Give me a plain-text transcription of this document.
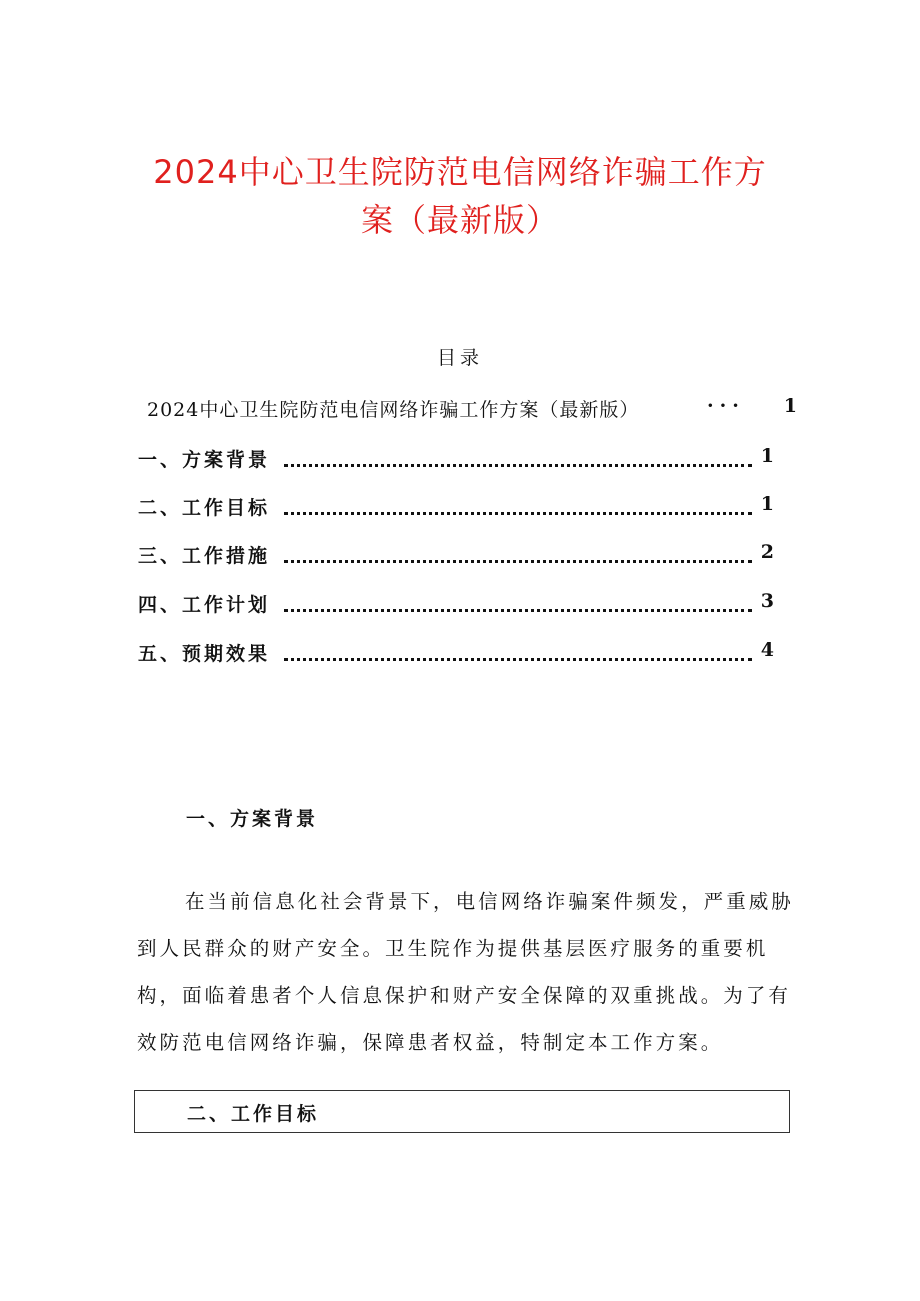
2024中心卫生院防范电信网络诈骗工作方
案（最新版）
目录
2024中心卫生院防范电信网络诈骗工作方案（最新版）	··· 1
一、方案背景	1
二、工作目标	1
三、工作措施	2
四、工作计划	3
五、预期效果	4
一、方案背景

在当前信息化社会背景下，电信网络诈骗案件频发，严重威胁到人民群众的财产安全。卫生院作为提供基层医疗服务的重要机构，面临着患者个人信息保护和财产安全保障的双重挑战。为了有效防范电信网络诈骗，保障患者权益，特制定本工作方案。

二、工作目标
